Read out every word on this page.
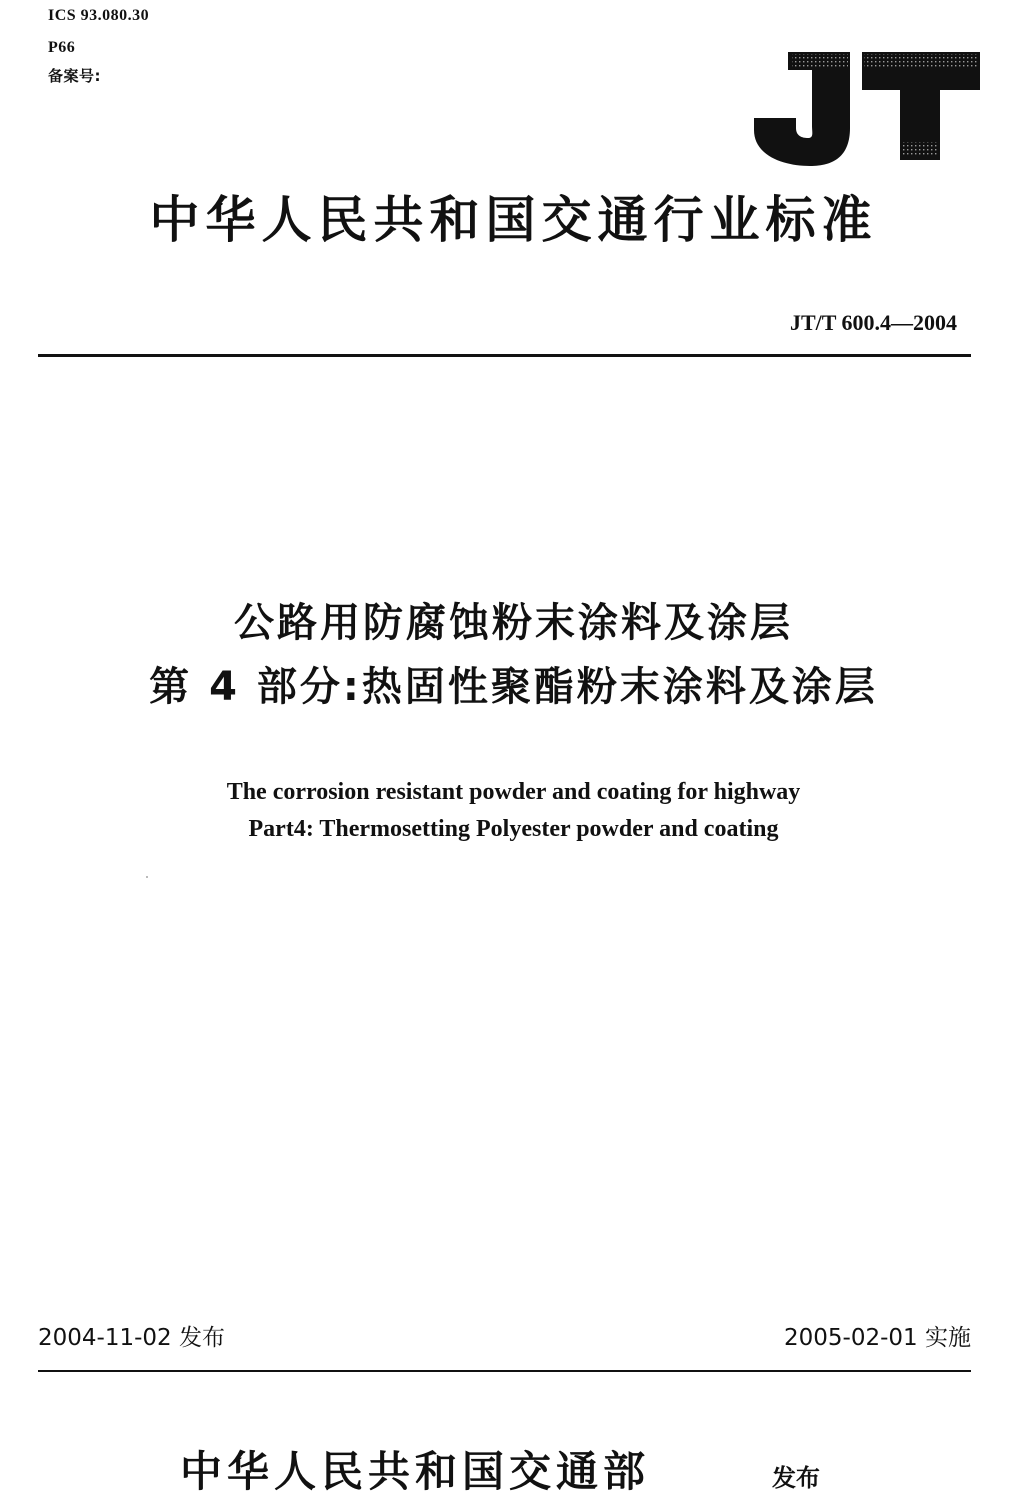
ICS 93.080.30
P66
备案号:
JT
中华人民共和国交通行业标准
JT/T 600.4—2004
公路用防腐蚀粉末涂料及涂层
第 4 部分:热固性聚酯粉末涂料及涂层
The corrosion resistant powder and coating for highway
Part4: Thermosetting Polyester powder and coating
2004-11-02 发布	2005-02-01 实施
中华人民共和国交通部	发布
